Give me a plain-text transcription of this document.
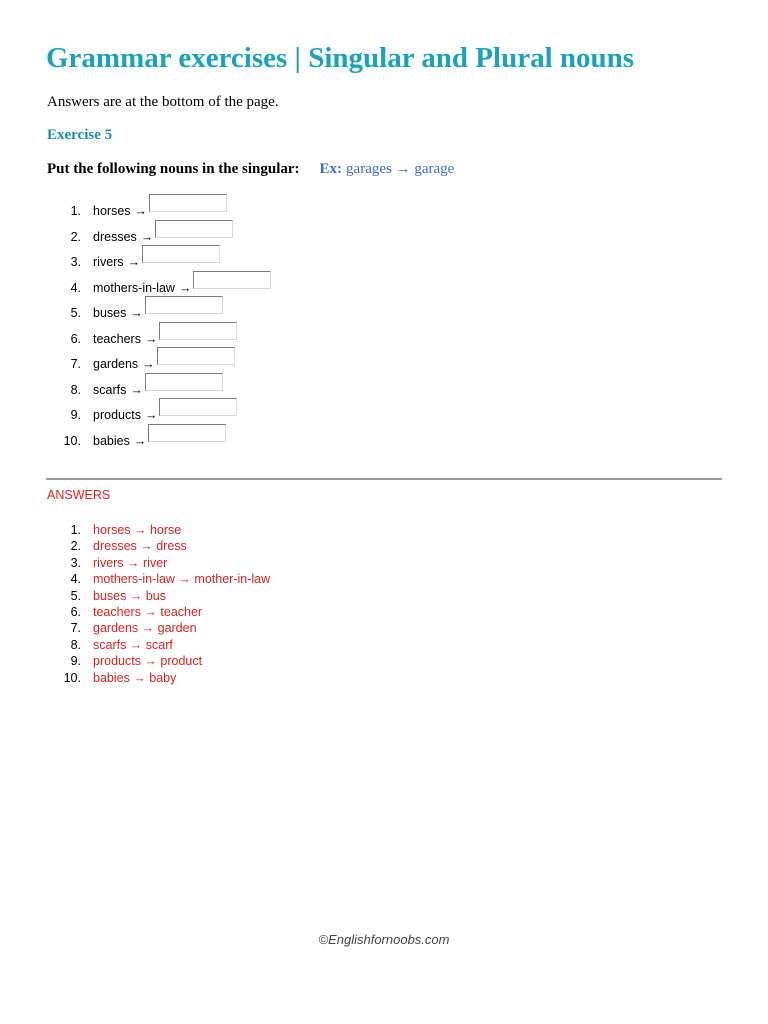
Grammar exercises | Singular and Plural nouns
Answers are at the bottom of the page.
Exercise 5
Put the following nouns in the singular: Ex: garages → garage
1. horses →
2. dresses →
3. rivers →
4. mothers-in-law →
5. buses →
6. teachers →
7. gardens →
8. scarfs →
9. products →
10. babies →
ANSWERS
1. horses → horse
2. dresses → dress
3. rivers → river
4. mothers-in-law → mother-in-law
5. buses → bus
6. teachers → teacher
7. gardens → garden
8. scarfs → scarf
9. products → product
10. babies → baby
©Englishfornoobs.com
